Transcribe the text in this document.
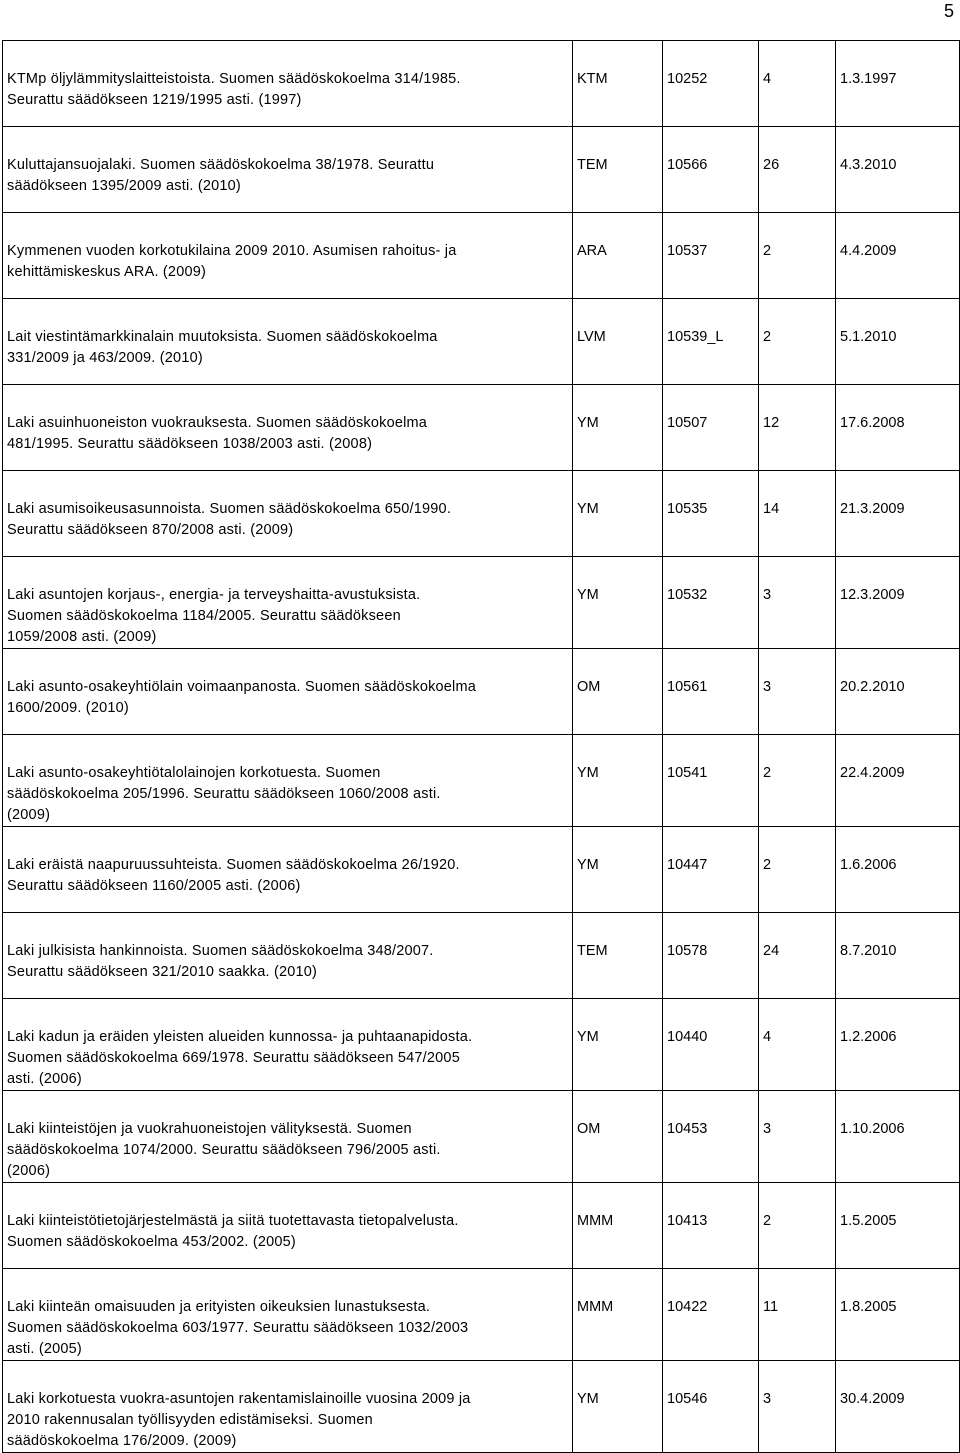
5
KTMp öljylämmityslaitteistoista. Suomen säädöskokoelma 314/1985.
Seurattu säädökseen 1219/1995 asti. (1997)	KTM	10252	4	1.3.1997

Kuluttajansuojalaki. Suomen säädöskokoelma 38/1978. Seurattu
säädökseen 1395/2009 asti. (2010)	TEM	10566	26	4.3.2010

Kymmenen vuoden korkotukilaina 2009 2010. Asumisen rahoitus- ja
kehittämiskeskus ARA. (2009)	ARA	10537	2	4.4.2009

Lait viestintämarkkinalain muutoksista. Suomen säädöskokoelma
331/2009 ja 463/2009. (2010)	LVM	10539_L	2	5.1.2010

Laki asuinhuoneiston vuokrauksesta. Suomen säädöskokoelma
481/1995. Seurattu säädökseen 1038/2003 asti. (2008)	YM	10507	12	17.6.2008

Laki asumisoikeusasunnoista. Suomen säädöskokoelma 650/1990.
Seurattu säädökseen 870/2008 asti. (2009)	YM	10535	14	21.3.2009

Laki asuntojen korjaus-, energia- ja terveyshaitta-avustuksista.
Suomen säädöskokoelma 1184/2005. Seurattu säädökseen
1059/2008 asti. (2009)	YM	10532	3	12.3.2009

Laki asunto-osakeyhtiölain voimaanpanosta. Suomen säädöskokoelma
1600/2009. (2010)	OM	10561	3	20.2.2010

Laki asunto-osakeyhtiötalolainojen korkotuesta. Suomen
säädöskokoelma 205/1996. Seurattu säädökseen 1060/2008 asti.
(2009)	YM	10541	2	22.4.2009

Laki eräistä naapuruussuhteista. Suomen säädöskokoelma 26/1920.
Seurattu säädökseen 1160/2005 asti. (2006)	YM	10447	2	1.6.2006

Laki julkisista hankinnoista. Suomen säädöskokoelma 348/2007.
Seurattu säädökseen 321/2010 saakka. (2010)	TEM	10578	24	8.7.2010

Laki kadun ja eräiden yleisten alueiden kunnossa- ja puhtaanapidosta.
Suomen säädöskokoelma 669/1978. Seurattu säädökseen 547/2005
asti. (2006)	YM	10440	4	1.2.2006

Laki kiinteistöjen ja vuokrahuoneistojen välityksestä. Suomen
säädöskokoelma 1074/2000. Seurattu säädökseen 796/2005 asti.
(2006)	OM	10453	3	1.10.2006

Laki kiinteistötietojärjestelmästä ja siitä tuotettavasta tietopalvelusta.
Suomen säädöskokoelma 453/2002. (2005)	MMM	10413	2	1.5.2005

Laki kiinteän omaisuuden ja erityisten oikeuksien lunastuksesta.
Suomen säädöskokoelma 603/1977. Seurattu säädökseen 1032/2003
asti. (2005)	MMM	10422	11	1.8.2005

Laki korkotuesta vuokra-asuntojen rakentamislainoille vuosina 2009 ja
2010 rakennusalan työllisyyden edistämiseksi. Suomen
säädöskokoelma 176/2009. (2009)	YM	10546	3	30.4.2009
